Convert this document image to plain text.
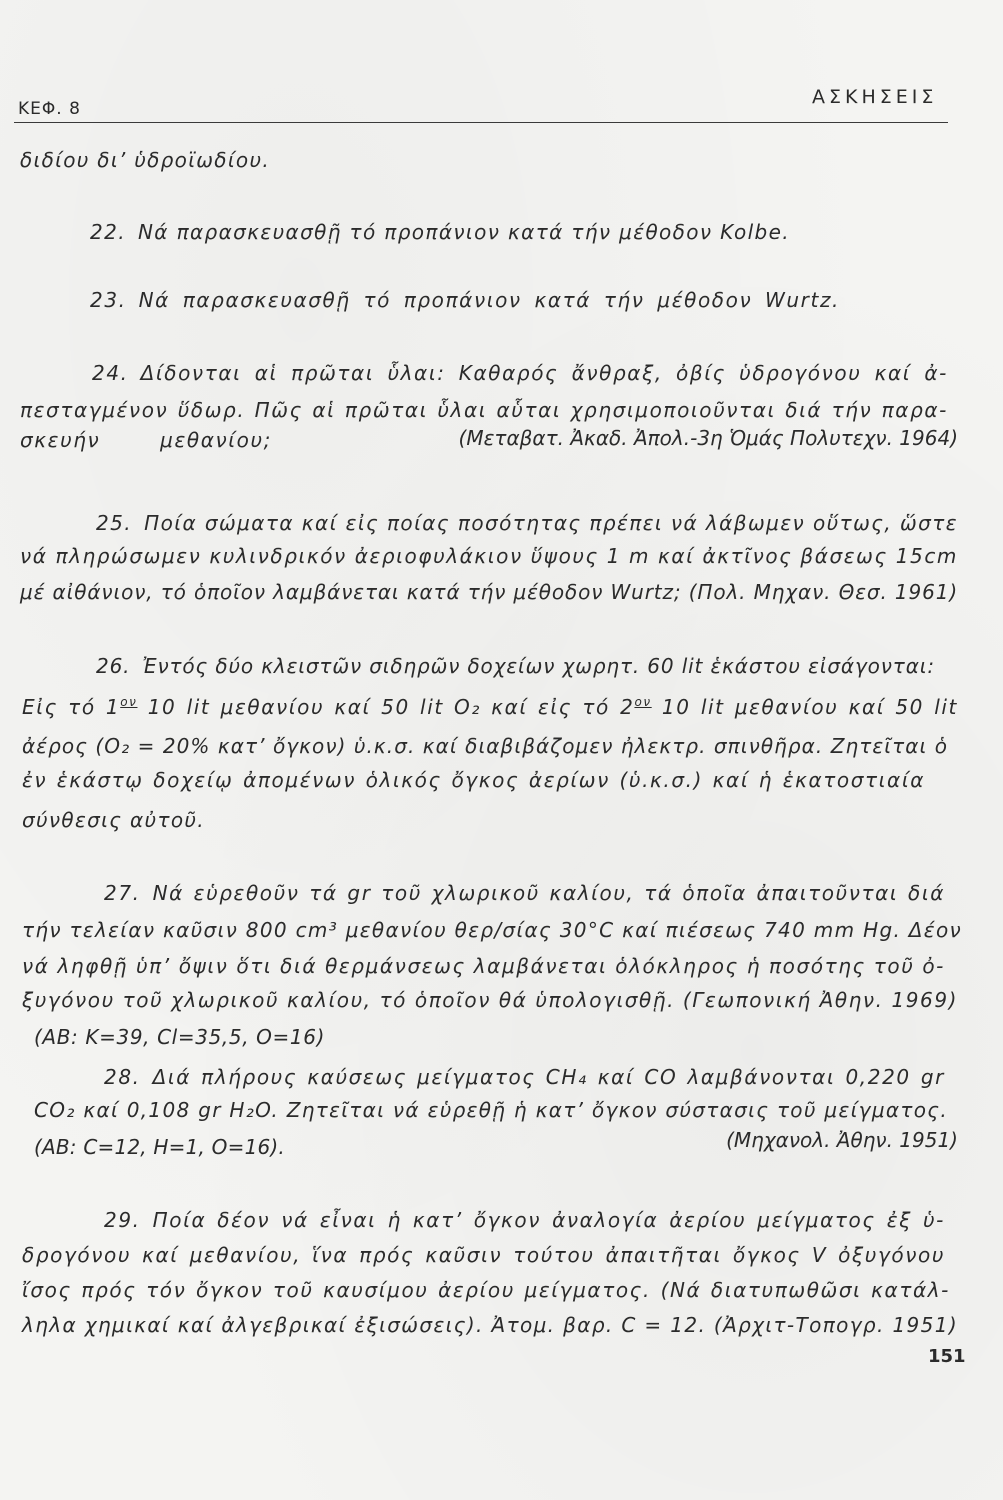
ΚΕΦ. 8
ΑΣΚΗΣΕΙΣ
διδίου δι’ ὑδροϊωδίου.
22. Νά παρασκευασθῇ τό προπάνιον κατά τήν μέθοδον Kolbe.
23. Νά παρασκευασθῇ τό προπάνιον κατά τήν μέθοδον Wurtz.
24. Δίδονται αἱ πρῶται ὗλαι: Καθαρός ἄνθραξ, ὀβίς ὑδρογόνου καί ἀ-
πεσταγμένον ὕδωρ. Πῶς αἱ πρῶται ὗλαι αὗται χρησιμοποιοῦνται διά τήν παρα-
σκευήν μεθανίου;	(Μεταβατ. Ἀκαδ. Ἀπολ.-3η Ὁμάς Πολυτεχν. 1964)
25. Ποία σώματα καί εἰς ποίας ποσότητας πρέπει νά λάβωμεν οὕτως, ὥστε
νά πληρώσωμεν κυλινδρικόν ἀεριοφυλάκιον ὕψους 1 m καί ἀκτῖνος βάσεως 15cm
μέ αἰθάνιον, τό ὁποῖον λαμβάνεται κατά τήν μέθοδον Wurtz; (Πολ. Μηχαν. Θεσ. 1961)
26. Ἐντός δύο κλειστῶν σιδηρῶν δοχείων χωρητ. 60 lit ἑκάστου εἰσάγονται:
Εἰς τό $1^{o\nu}$ 10 lit μεθανίου καί 50 lit O₂ καί εἰς τό $2^{o\nu}$ 10 lit μεθανίου καί 50 lit
ἀέρος (O₂ = 20% κατ’ ὄγκον) ὑ.κ.σ. καί διαβιβάζομεν ἠλεκτρ. σπινθῆρα. Ζητεῖται ὁ
ἐν ἑκάστῳ δοχείῳ ἀπομένων ὁλικός ὄγκος ἀερίων (ὑ.κ.σ.) καί ἡ ἑκατοστιαία
σύνθεσις αὐτοῦ.
27. Νά εὑρεθοῦν τά gr τοῦ χλωρικοῦ καλίου, τά ὁποῖα ἀπαιτοῦνται διά
τήν τελείαν καῦσιν 800 cm³ μεθανίου θερ/σίας 30°C καί πιέσεως 740 mm Hg. Δέον
νά ληφθῇ ὑπ’ ὄψιν ὅτι διά θερμάνσεως λαμβάνεται ὁλόκληρος ἡ ποσότης τοῦ ὀ-
ξυγόνου τοῦ χλωρικοῦ καλίου, τό ὁποῖον θά ὑπολογισθῇ. (Γεωπονική Ἀθην. 1969)
(ΑΒ: K=39, Cl=35,5, O=16)
28. Διά πλήρους καύσεως μείγματος CH₄ καί CO λαμβάνονται 0,220 gr
CO₂ καί 0,108 gr H₂O. Ζητεῖται νά εὑρεθῇ ἡ κατ’ ὄγκον σύστασις τοῦ μείγματος.
(ΑΒ: C=12, H=1, O=16).	(Μηχανολ. Ἀθην. 1951)
29. Ποία δέον νά εἶναι ἡ κατ’ ὄγκον ἀναλογία ἀερίου μείγματος ἐξ ὑ-
δρογόνου καί μεθανίου, ἵνα πρός καῦσιν τούτου ἀπαιτῆται ὄγκος V ὀξυγόνου
ἴσος πρός τόν ὄγκον τοῦ καυσίμου ἀερίου μείγματος. (Νά διατυπωθῶσι κατάλ-
ληλα χημικαί καί ἀλγεβρικαί ἐξισώσεις). Ἀτομ. βαρ. C = 12. (Ἀρχιτ-Τοπογρ. 1951)
151
